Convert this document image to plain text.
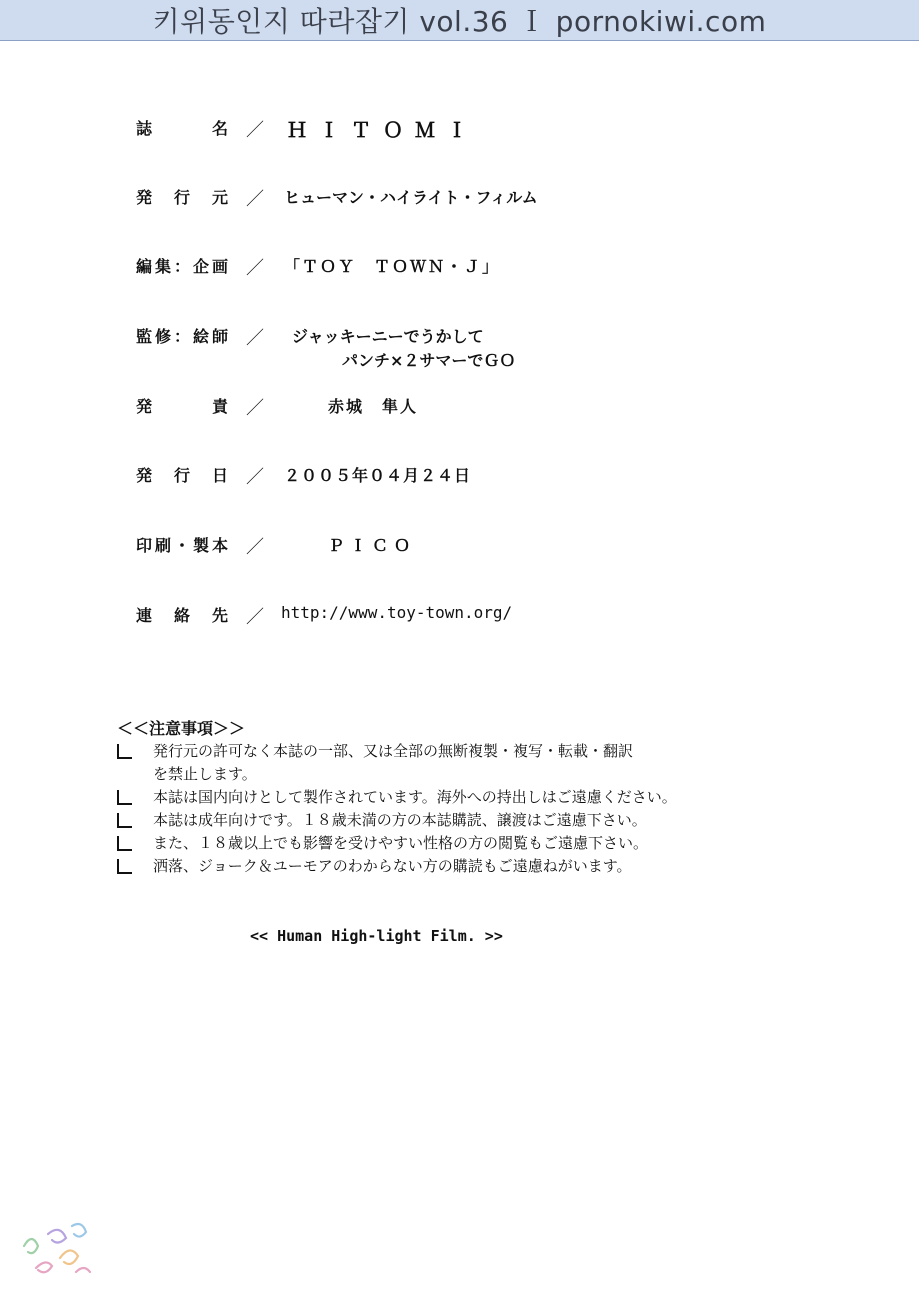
키위동인지 따라잡기 vol.36 Ｉ pornokiwi.com
誌　名 ／ ＨＩＴＯＭＩ
発行元 ／ ヒューマン・ハイライト・フィルム
編集：企画 ／ 「ＴＯＹ　ＴＯＷＮ・Ｊ」
監修：絵師 ／ ジャッキーニーでうかして
パンチ×２サマーでＧＯ
発　責 ／	赤城　隼人
発行日 ／ ２００５年０４月２４日
印刷・製本 ／	ＰＩＣＯ
連絡先 ／ http://www.toy-town.org/
＜＜注意事項＞＞
発行元の許可なく本誌の一部、又は全部の無断複製・複写・転載・翻訳
を禁止します。
本誌は国内向けとして製作されています。海外への持出しはご遠慮ください。
本誌は成年向けです。１８歳未満の方の本誌購読、譲渡はご遠慮下さい。
また、１８歳以上でも影響を受けやすい性格の方の閲覧もご遠慮下さい。
洒落、ジョーク＆ユーモアのわからない方の購読もご遠慮ねがいます。
<< Human High-light Film. >>
